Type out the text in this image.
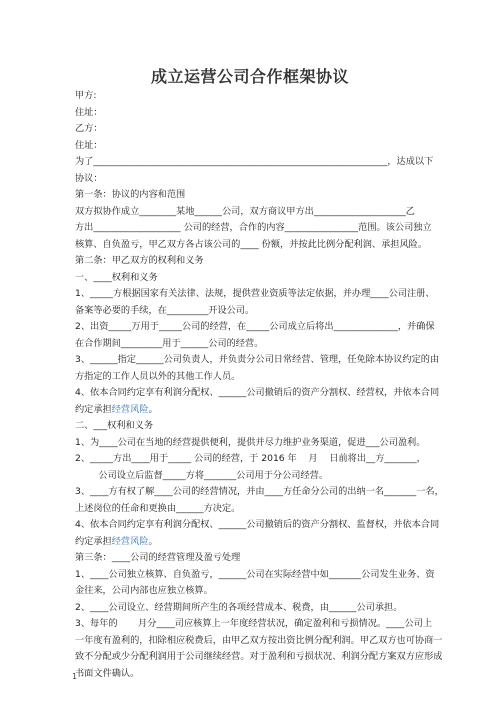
成立运营公司合作框架协议

甲方:

住址：

乙方：

住址：

为了________________________________________________________________，达成以下

协议：

第一条：协议的内容和范围

双方拟协作成立________某地______公司，双方商议甲方出____________________乙

方出___________________ 公司的经营，合作的内容________________范围。该公司独立

核算、自负盈亏，甲乙双方各占该公司的____ 份额，并按此比例分配利润、承担风险。

第二条：甲乙双方的权利和义务

一、____权利和义务

1、_____方根据国家有关法律、法规，提供营业资质等法定依据，并办理____公司注册、

备案等必要的手续，在_________开设公司。

2、出资_____万用于_____公司的经营，在_____公司成立后将出______________，并确保

在合作期间_________用于______公司的经营。

3、______指定______公司负责人，并负责分公司日常经营、管理，任免除本协议约定的由

方指定的工作人员以外的其他工作人员。

4、依本合同约定享有利润分配权、______公司撤销后的资产分割权、经营权，并依本合同

约定承担经营风险。

二、___权利和义务

1、为____公司在当地的经营提供便利，提供并尽力维护业务渠道，促进___公司盈利。

2、_____方出____用于_____ 公司的经营，于 2016 年    月    日前将出__方_______，

公司设立后监督_____方将_______公司用于分公司经营。

3、____方有权了解____公司的经营情况，并由____方任命分公司的出纳一名_______一名，

上述岗位的任命和更换由______方决定。

4、依本合同约定享有利润分配权、______公司撤销后的资产分割权、监督权，并依本合同

约定承担经营风险。

第三条：____公司的经营管理及盈亏处理

1、____公司独立核算、自负盈亏，______公司在实际经营中如_______公司发生业务、资

金往来，公司内部也应独立核算。

2、____公司设立、经营期间所产生的各项经营成本、税费，由______公司承担。

3、每年的       月分____司应核算上一年度经营状况，确定盈利和亏损情况。____公司上

一年度有盈利的，扣除相应税费后，由甲乙双方按出资比例分配利润。甲乙双方也可协商一

致不分配或少分配利润用于公司继续经营。对于盈利和亏损状况、利润分配方案双方应形成

书面文件确认。

1
